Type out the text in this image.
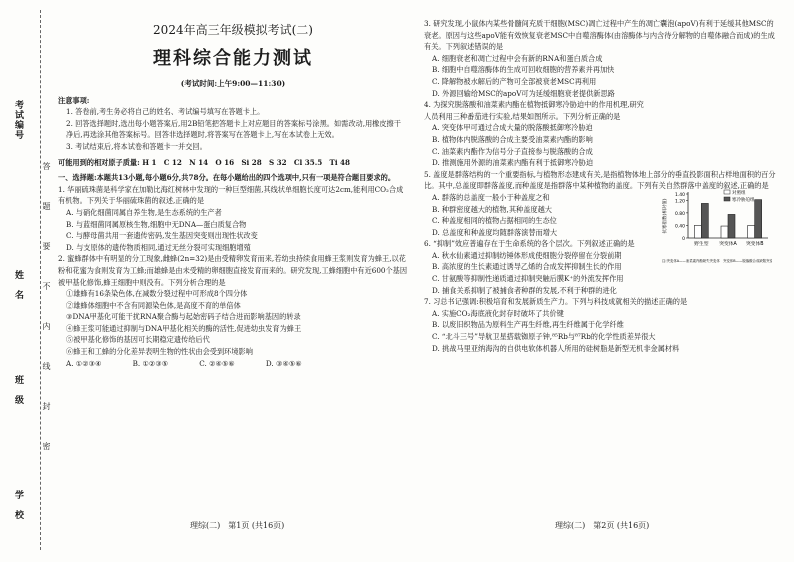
考试编号
姓　名
班　级
学　校
答
题
要
不
内
线
封
密
2024年高三年级模拟考试(二)
理科综合能力测试
(考试时间:上午9:00—11:30)

注意事项:

1. 答卷前,考生务必将自己的姓名、考试编号填写在答题卡上。

2. 回答选择题时,选出每小题答案后,用2B铅笔把答题卡上对应题目的答案标号涂黑。如需改动,用橡皮擦干净后,再选涂其他答案标号。回答非选择题时,将答案写在答题卡上,写在本试卷上无效。

3. 考试结束后,将本试卷和答题卡一并交回。

可能用到的相对原子质量: H 1　C 12　N 14　O 16　Si 28　S 32　Cl 35.5　Ti 48

一、选择题:本题共13小题,每小题6分,共78分。在每小题给出的四个选项中,只有一项是符合题目要求的。

1. 华丽硫珠菌是科学家在加勒比海红树林中发现的一种巨型细菌,其线状单细胞长度可达2cm,能利用CO₂合成有机物。下列关于华丽硫珠菌的叙述,正确的是

A. 与硝化细菌同属自养生物,是生态系统的生产者

B. 与蓝细菌同属原核生物,细胞中无DNA—蛋白质复合物

C. 与酵母菌共用一套遗传密码,发生基因突变则出现性状改变

D. 与支原体的遗传物质相同,通过无丝分裂可实现细胞增殖

2. 蜜蜂群体中有明显的分工现象,雌蜂(2n=32)是由受精卵发育而来,若幼虫持续食用蜂王浆则发育为蜂王,以花粉和花蜜为食则发育为工蜂;而雄蜂是由未受精的卵细胞直接发育而来的。研究发现,工蜂细胞中有近600个基因被甲基化修饰,蜂王细胞中则没有。下列分析合理的是

①雄蜂有16条染色体,在减数分裂过程中可形成8个四分体

②雄蜂体细胞中不含有同源染色体,是高度不育的单倍体

③DNA甲基化可能干扰RNA聚合酶与起始密码子结合进而影响基因的转录

④蜂王浆可能通过抑制与DNA甲基化相关的酶的活性,促进幼虫发育为蜂王

⑤被甲基化修饰的基因可长期稳定遗传给后代

⑥蜂王和工蜂的分化差异表明生物的性状由会受到环境影响

A. ①②③④　　　　	B. ①②③⑤　　　　	C. ②④⑤⑥　　　　	D. ③④⑤⑥

理综(二)　第1页 (共16页)

3. 研究发现,小鼠体内某些骨髓间充质干细胞(MSC)凋亡过程中产生的凋亡囊泡(apoV)有利于延缓其他MSC的衰老。原因与这些apoV能有效恢复衰老MSC中自噬溶酶体(由溶酶体与内含待分解物的自噬体融合而成)的生成有关。下列叙述错误的是

A. 细胞衰老和凋亡过程中会有新的RNA和蛋白质合成

B. 细胞中自噬溶酶体的生成可回收细胞的营养素并再加快

C. 降解物被水解后的产物可全部被衰老MSC再利用

D. 外源回输给MSC的apoV可为延缓细胞衰老提供新思路

4. 为探究脱落酸和油菜素内酯在植物抵御寒冷胁迫中的作用机理,研究人员利用三种番茄进行实验,结果如图所示。下列分析正确的是

A. 突变体甲可通过合成大量的脱落酸抵御寒冷胁迫

B. 植物体内脱落酸的合成主要受油菜素内酯的影响

C. 油菜素内酯作为信号分子直接参与脱落酸的合成

D. 推测施用外源的油菜素内酯有利于抵御寒冷胁迫

5. 盖度是群落结构的一个重要指标,与植物形态建成有关,是指植物体地上部分的垂直投影面积占样地面积的百分比。其中,总盖度即群落盖度,而种盖度是指群落中某种植物的盖度。下列有关自然群落中盖度的叙述,正确的是

A. 群落的总盖度一般小于种盖度之和

B. 种群密度越大的植物,其种盖度越大

C. 种盖度相同的植物占据相同的生态位

D. 总盖度和种盖度均随群落演替而增大

6. “抑制”效应普遍存在于生命系统的各个层次。下列叙述正确的是

A. 秋水仙素通过抑制纺锤体形成使细胞分裂停留在分裂前期

B. 高浓度的生长素通过诱导乙烯的合成发挥抑制生长的作用

C. 甘氨酸等抑制性递质通过抑制突触后膜K⁺的外流发挥作用

D. 捕食关系抑制了被捕食者种群的发展,不利于种群的进化

7. 习总书记强调:积极培育和发展新质生产力。下列与科技成就相关的描述正确的是

A. 实施CO₂海底液化封存时破坏了共价键

B. 以废旧织物品为原料生产再生纤维,再生纤维属于化学纤维

C. “北斗三号”导航卫星搭载铷原子钟,⁸⁵Rb与⁸⁷Rb的化学性质差异很大

D. 挑战马里亚纳海沟的自供电软体机器人所用的硅树脂是新型无机非金属材料

0
0.40
0.80
1.20
1.40
抗寒指数(相对值)
野生型 突变体A 突变体B
对照组
寒冷胁迫组
注:突变体A——油菜素内酯缺失突变体　突变体B——脱落酸合成缺陷突变体
理综(二)　第2页 (共16页)
